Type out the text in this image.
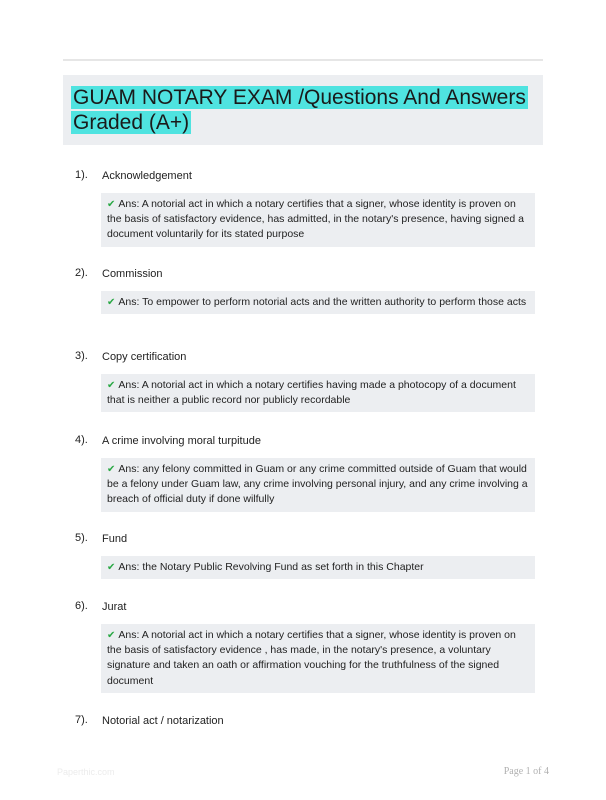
GUAM NOTARY EXAM /Questions And Answers Graded (A+)
1). Acknowledgement
✔ Ans: A notorial act in which a notary certifies that a signer, whose identity is proven on the basis of satisfactory evidence, has admitted, in the notary's presence, having signed a document voluntarily for its stated purpose
2). Commission
✔ Ans: To empower to perform notorial acts and the written authority to perform those acts
3). Copy certification
✔ Ans: A notorial act in which a notary certifies having made a photocopy of a document that is neither a public record nor publicly recordable
4). A crime involving moral turpitude
✔ Ans: any felony committed in Guam or any crime committed outside of Guam that would be a felony under Guam law, any crime involving personal injury, and any crime involving a breach of official duty if done wilfully
5). Fund
✔ Ans: the Notary Public Revolving Fund as set forth in this Chapter
6). Jurat
✔ Ans: A notorial act in which a notary certifies that a signer, whose identity is proven on the basis of satisfactory evidence , has made, in the notary's presence, a voluntary signature and taken an oath or affirmation vouching for the truthfulness of the signed document
7). Notorial act / notarization
Paperthic.com	Page 1 of 4
